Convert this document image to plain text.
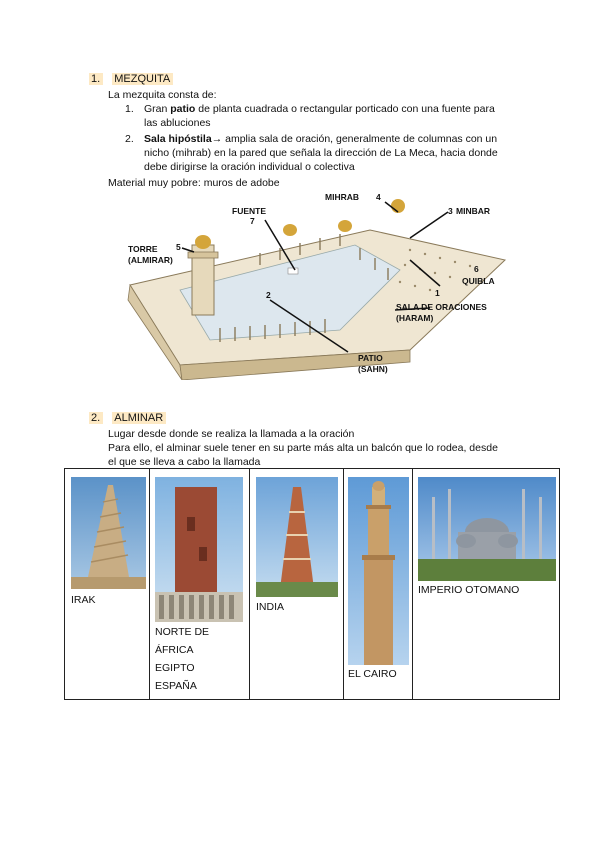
1. MEZQUITA
La mezquita consta de:
1. Gran patio de planta cuadrada o rectangular porticado con una fuente para
las abluciones
2. Sala hipóstila→ amplia sala de oración, generalmente de columnas con un
nicho (mihrab) en la pared que señala la dirección de La Meca, hacia donde
debe dirigirse la oración individual o colectiva
Material muy pobre: muros de adobe
FUENTE
7
MIHRAB 4
3 MINBAR
TORRE 5
(ALMIRAR)
6
QUIBLA
1
SALA DE ORACIONES
(HARAM)
2
PATIO
(SAHN)
2. ALMINAR
Lugar desde donde se realiza la llamada a la oración
Para ello, el alminar suele tener en su parte más alta un balcón que lo rodea, desde
el que se lleva a cabo la llamada
IRAK
NORTE DE
ÁFRICA
EGIPTO
ESPAÑA
INDIA
EL CAIRO
IMPERIO OTOMANO
